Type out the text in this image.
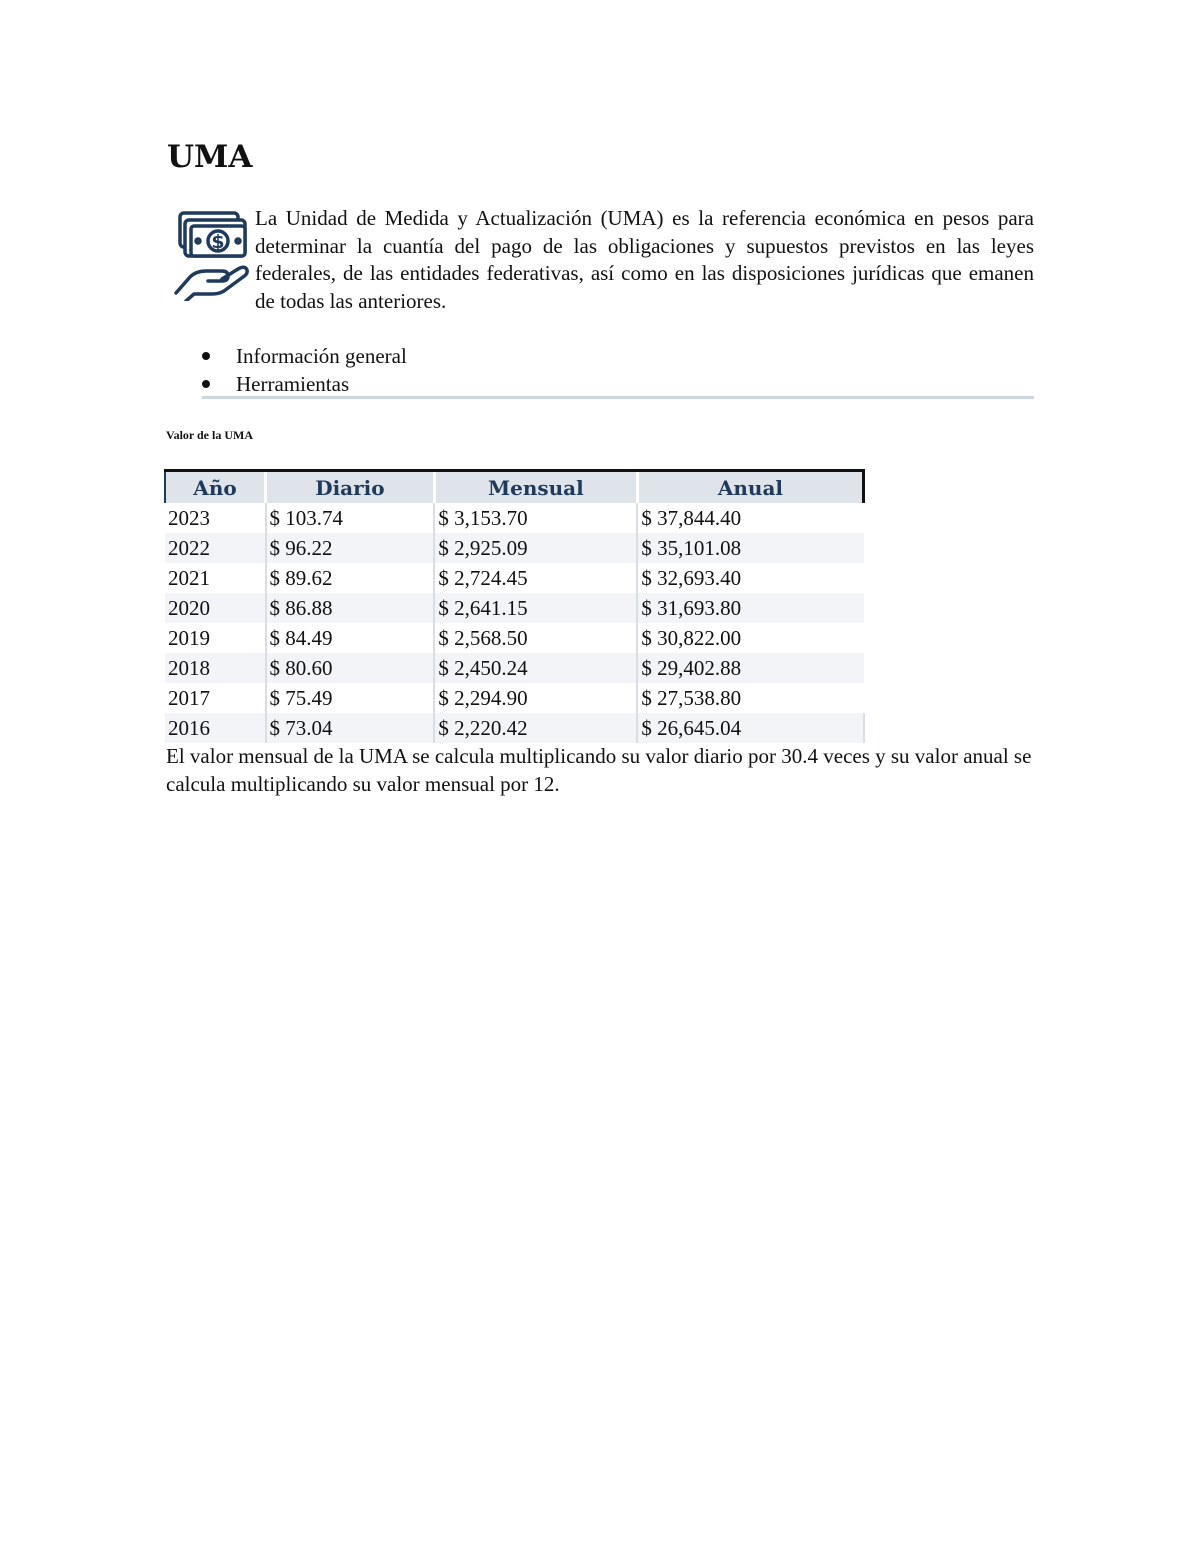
UMA
$

La Unidad de Medida y Actualización (UMA) es la referencia económica en pesos para determinar la cuantía del pago de las obligaciones y supuestos previstos en las leyes federales, de las entidades federativas, así como en las disposiciones jurídicas que emanen de todas las anteriores.

Información general
Herramientas
Valor de la UMA
Año	Diario	Mensual	Anual
2023	$ 103.74	$ 3,153.70	$ 37,844.40
2022	$ 96.22	$ 2,925.09	$ 35,101.08
2021	$ 89.62	$ 2,724.45	$ 32,693.40
2020	$ 86.88	$ 2,641.15	$ 31,693.80
2019	$ 84.49	$ 2,568.50	$ 30,822.00
2018	$ 80.60	$ 2,450.24	$ 29,402.88
2017	$ 75.49	$ 2,294.90	$ 27,538.80
2016	$ 73.04	$ 2,220.42	$ 26,645.04

El valor mensual de la UMA se calcula multiplicando su valor diario por 30.4 veces y su valor anual se calcula multiplicando su valor mensual por 12.
